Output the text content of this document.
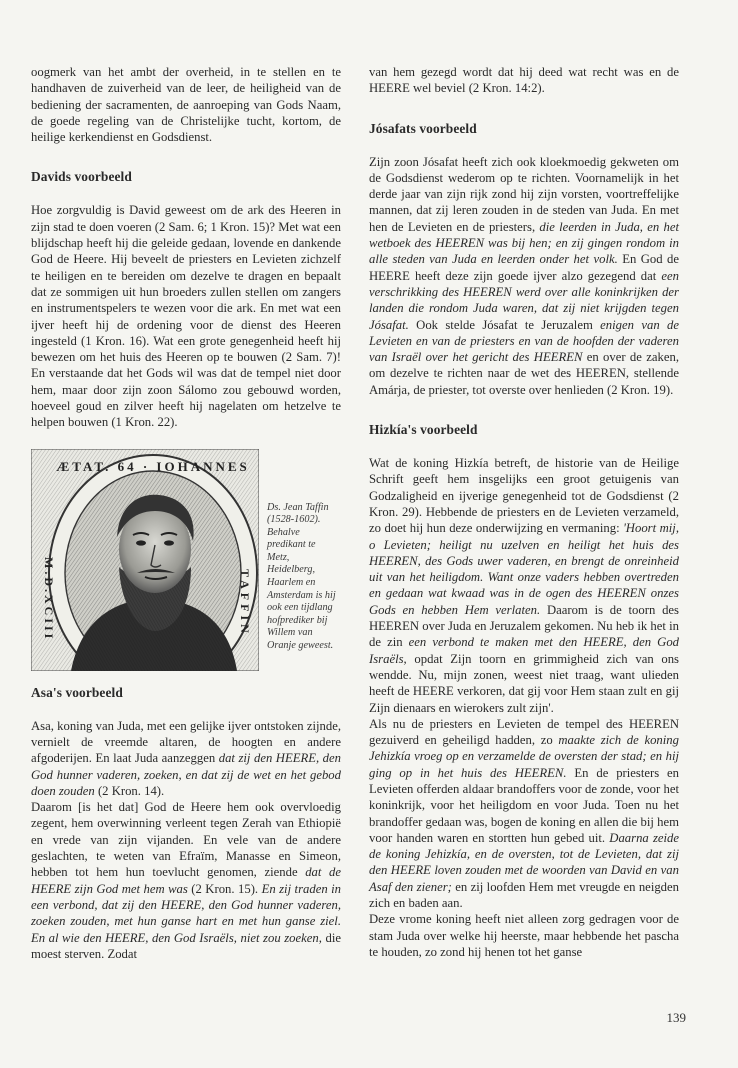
oogmerk van het ambt der overheid, in te stellen en te handhaven de zuiverheid van de leer, de heiligheid van de bediening der sacramenten, de aanroeping van Gods Naam, de goede regeling van de Christelijke tucht, kortom, de heilige kerkendienst en Godsdienst.

Davids voorbeeld

Hoe zorgvuldig is David geweest om de ark des Heeren in zijn stad te doen voeren (2 Sam. 6; 1 Kron. 15)? Met wat een blijdschap heeft hij die geleide gedaan, lovende en dankende God de Heere. Hij beveelt de priesters en Levieten zichzelf te heiligen en te bereiden om dezelve te dragen en bepaalt dat ze sommigen uit hun broeders zullen stellen om zangers en instrumentspelers te wezen voor die ark. En met wat een ijver heeft hij de ordening voor de dienst des Heeren ingesteld (1 Kron. 16). Wat een grote genegenheid heeft hij bewezen om het huis des Heeren op te bouwen (2 Sam. 7)! En verstaande dat het Gods wil was dat de tempel niet door hem, maar door zijn zoon Sálomo zou gebouwd worden, hoeveel goud en zilver heeft hij nagelaten om hetzelve te helpen bouwen (1 Kron. 22).

ÆTAT. 64 · IOHANNES
TAFFIN
M.D.XCIII
Ds. Jean Taffin (1528-1602). Behalve predikant te Metz, Heidelberg, Haarlem en Amsterdam is hij ook een tijdlang hofprediker bij Willem van Oranje geweest.
Asa's voorbeeld

Asa, koning van Juda, met een gelijke ijver ontstoken zijnde, vernielt de vreemde altaren, de hoogten en andere afgoderijen. En laat Juda aanzeggen dat zij den HEERE, den God hunner vaderen, zoeken, en dat zij de wet en het gebod doen zouden (2 Kron. 14).

Daarom [is het dat] God de Heere hem ook overvloedig zegent, hem overwinning verleent tegen Zerah van Ethiopië en vrede van zijn vijanden. En vele van de andere geslachten, te weten van Efraïm, Manasse en Simeon, hebben tot hem hun toevlucht genomen, ziende dat de HEERE zijn God met hem was (2 Kron. 15). En zij traden in een verbond, dat zij den HEERE, den God hunner vaderen, zoeken zouden, met hun ganse hart en met hun ganse ziel. En al wie den HEERE, den God Israëls, niet zou zoeken, die moest sterven. Zodat

van hem gezegd wordt dat hij deed wat recht was en de HEERE wel beviel (2 Kron. 14:2).

Jósafats voorbeeld

Zijn zoon Jósafat heeft zich ook kloekmoedig gekweten om de Godsdienst wederom op te richten. Voornamelijk in het derde jaar van zijn rijk zond hij zijn vorsten, voortreffelijke mannen, dat zij leren zouden in de steden van Juda. En met hen de Levieten en de priesters, die leerden in Juda, en het wetboek des HEEREN was bij hen; en zij gingen rondom in alle steden van Juda en leerden onder het volk. En God de HEERE heeft deze zijn goede ijver alzo gezegend dat een verschrikking des HEEREN werd over alle koninkrijken der landen die rondom Juda waren, dat zij niet krijgden tegen Jósafat. Ook stelde Jósafat te Jeruzalem enigen van de Levieten en van de priesters en van de hoofden der vaderen van Israël over het gericht des HEEREN en over de zaken, om dezelve te richten naar de wet des HEEREN, stellende Amárja, de priester, tot overste over henlieden (2 Kron. 19).

Hizkía's voorbeeld

Wat de koning Hizkía betreft, de historie van de Heilige Schrift geeft hem insgelijks een groot getuigenis van Godzaligheid en ijverige genegenheid tot de Godsdienst (2 Kron. 29). Hebbende de priesters en de Levieten verzameld, zo doet hij hun deze onderwijzing en vermaning: 'Hoort mij, o Levieten; heiligt nu uzelven en heiligt het huis des HEEREN, des Gods uwer vaderen, en brengt de onreinheid uit van het heiligdom. Want onze vaders hebben overtreden en gedaan wat kwaad was in de ogen des HEEREN onzes Gods en hebben Hem verlaten. Daarom is de toorn des HEEREN over Juda en Jeruzalem gekomen. Nu heb ik het in de zin een verbond te maken met den HEERE, den God Israëls, opdat Zijn toorn en grimmigheid zich van ons wendde. Nu, mijn zonen, weest niet traag, want ulieden heeft de HEERE verkoren, dat gij voor Hem staan zult en gij Zijn dienaars en wierokers zult zijn'.

Als nu de priesters en Levieten de tempel des HEEREN gezuiverd en geheiligd hadden, zo maakte zich de koning Jehizkía vroeg op en verzamelde de oversten der stad; en hij ging op in het huis des HEEREN. En de priesters en Levieten offerden aldaar brandoffers voor de zonde, voor het koninkrijk, voor het heiligdom en voor Juda. Toen nu het brandoffer gedaan was, bogen de koning en allen die bij hem voor handen waren en stortten hun gebed uit. Daarna zeide de koning Jehizkía, en de oversten, tot de Levieten, dat zij den HEERE loven zouden met de woorden van David en van Asaf den ziener; en zij loofden Hem met vreugde en neigden zich en baden aan.

Deze vrome koning heeft niet alleen zorg gedragen voor de stam Juda over welke hij heerste, maar hebbende het pascha te houden, zo zond hij henen tot het ganse

139
